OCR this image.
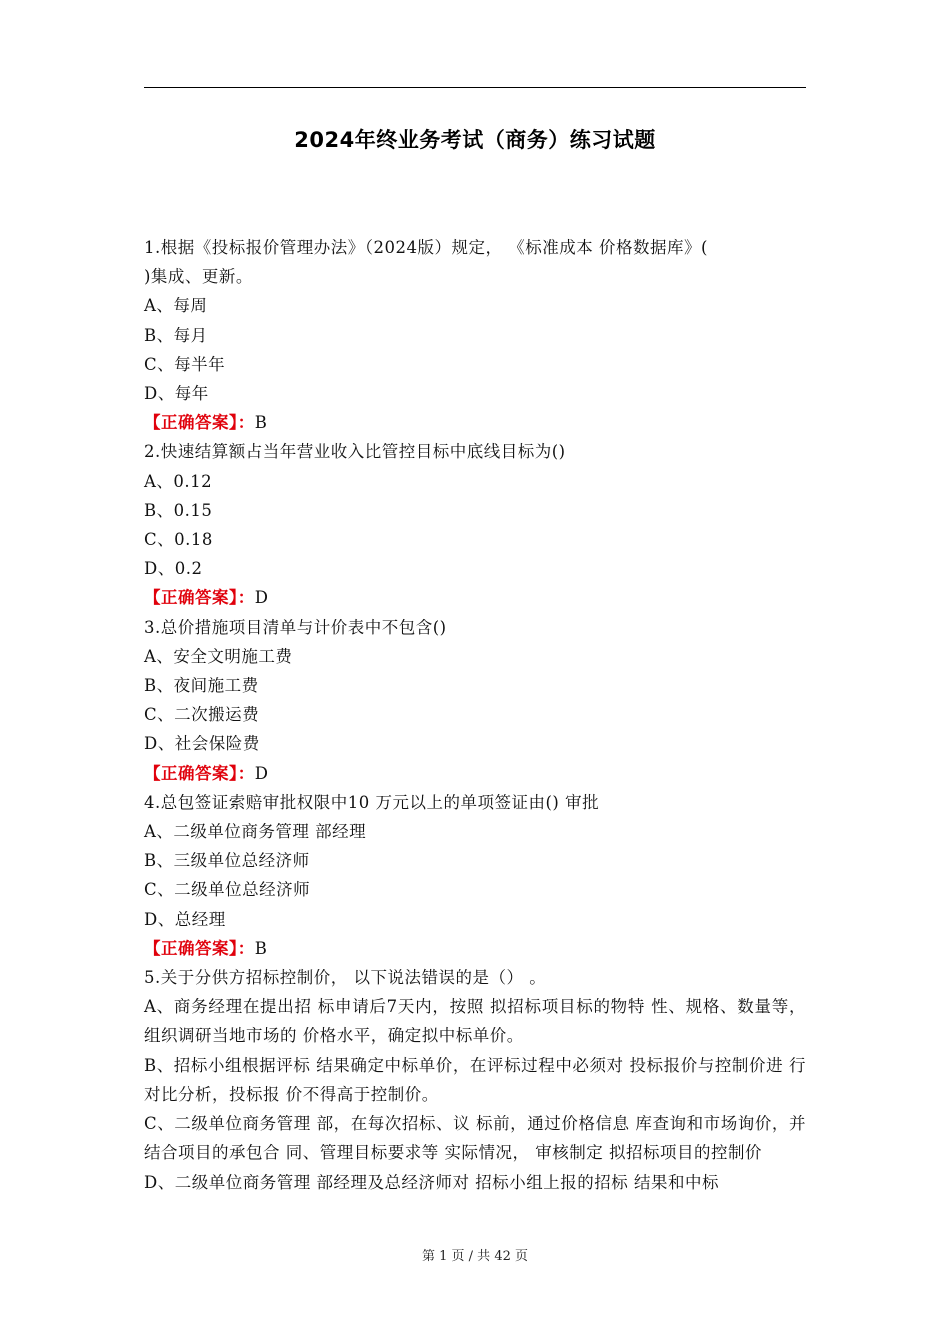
2024年终业务考试（商务）练习试题
1.根据《投标报价管理办法》（2024版）规定， 《标准成本 价格数据库》(
)集成、更新。
A、每周
B、每月
C、每半年
D、每年
【正确答案】：B
2.快速结算额占当年营业收入比管控目标中底线目标为()
A、0.12
B、0.15
C、0.18
D、0.2
【正确答案】：D
3.总价措施项目清单与计价表中不包含()
A、安全文明施工费
B、夜间施工费
C、二次搬运费
D、社会保险费
【正确答案】：D
4.总包签证索赔审批权限中10 万元以上的单项签证由() 审批
A、二级单位商务管理 部经理
B、三级单位总经济师
C、二级单位总经济师
D、总经理
【正确答案】：B
5.关于分供方招标控制价， 以下说法错误的是（） 。
A、商务经理在提出招 标申请后7天内，按照 拟招标项目标的物特 性、规格、数量等，组织调研当地市场的 价格水平，确定拟中标单价。
B、招标小组根据评标 结果确定中标单价，在评标过程中必须对 投标报价与控制价进 行对比分析，投标报 价不得高于控制价。
C、二级单位商务管理 部，在每次招标、议 标前，通过价格信息 库查询和市场询价，并结合项目的承包合 同、管理目标要求等 实际情况， 审核制定 拟招标项目的控制价
D、二级单位商务管理 部经理及总经济师对 招标小组上报的招标 结果和中标
第 1 页 / 共 42 页
